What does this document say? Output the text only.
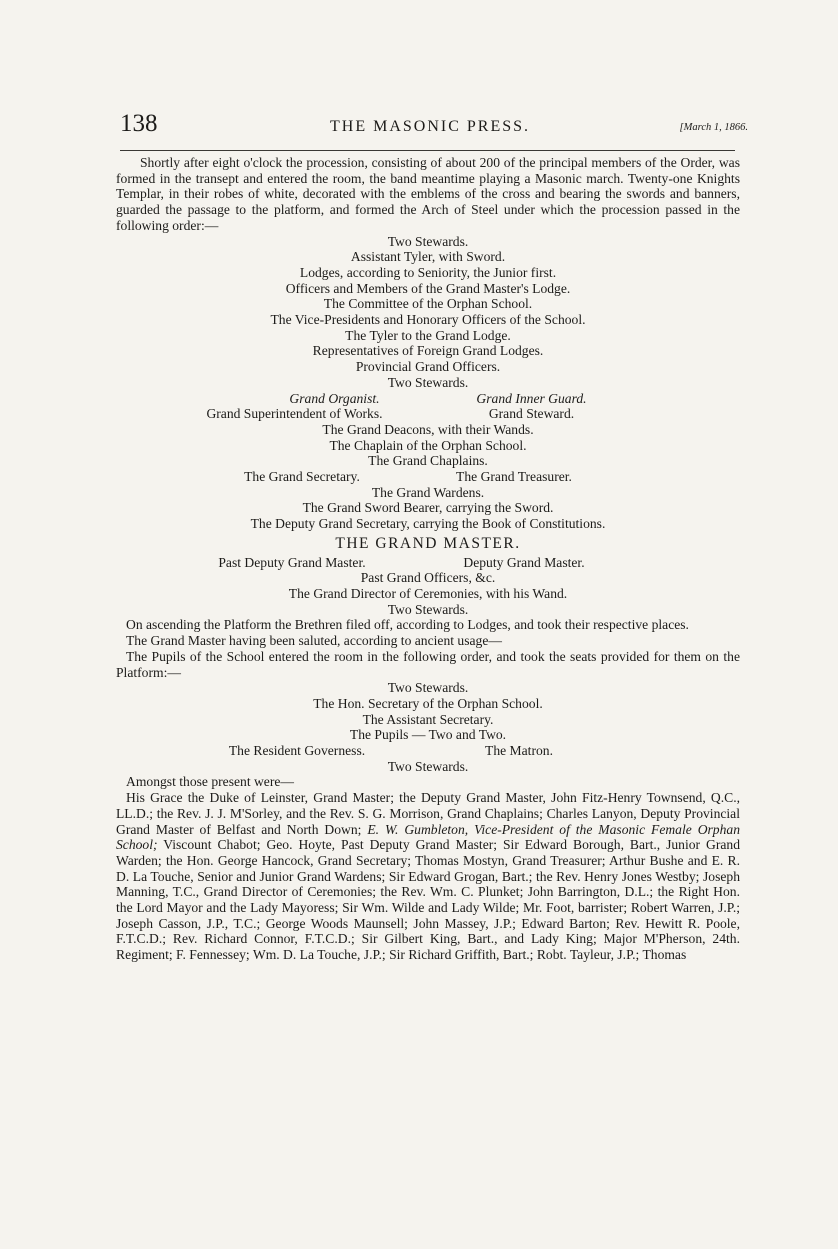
138	THE MASONIC PRESS.	[March 1, 1866.

Shortly after eight o'clock the procession, consisting of about 200 of the principal members of the Order, was formed in the transept and entered the room, the band meantime playing a Masonic march. Twenty-one Knights Templar, in their robes of white, decorated with the emblems of the cross and bearing the swords and banners, guarded the passage to the platform, and formed the Arch of Steel under which the procession passed in the following order:—

Two Stewards.

Assistant Tyler, with Sword.

Lodges, according to Seniority, the Junior first.

Officers and Members of the Grand Master's Lodge.

The Committee of the Orphan School.

The Vice-Presidents and Honorary Officers of the School.

The Tyler to the Grand Lodge.

Representatives of Foreign Grand Lodges.

Provincial Grand Officers.

Two Stewards.

Grand Organist.	Grand Inner Guard.

Grand Superintendent of Works.	Grand Steward.

The Grand Deacons, with their Wands.

The Chaplain of the Orphan School.

The Grand Chaplains.

The Grand Secretary.	The Grand Treasurer.

The Grand Wardens.

The Grand Sword Bearer, carrying the Sword.

The Deputy Grand Secretary, carrying the Book of Constitutions.

THE GRAND MASTER.

Past Deputy Grand Master.	Deputy Grand Master.

Past Grand Officers, &c.

The Grand Director of Ceremonies, with his Wand.

Two Stewards.

On ascending the Platform the Brethren filed off, according to Lodges, and took their respective places.

The Grand Master having been saluted, according to ancient usage—

The Pupils of the School entered the room in the following order, and took the seats provided for them on the Platform:—

Two Stewards.

The Hon. Secretary of the Orphan School.

The Assistant Secretary.

The Pupils — Two and Two.

The Resident Governess.	The Matron.

Two Stewards.

Amongst those present were—

His Grace the Duke of Leinster, Grand Master; the Deputy Grand Master, John Fitz-Henry Townsend, Q.C., LL.D.; the Rev. J. J. M'Sorley, and the Rev. S. G. Morrison, Grand Chaplains; Charles Lanyon, Deputy Provincial Grand Master of Belfast and North Down; E. W. Gumbleton, Vice-President of the Masonic Female Orphan School; Viscount Chabot; Geo. Hoyte, Past Deputy Grand Master; Sir Edward Borough, Bart., Junior Grand Warden; the Hon. George Hancock, Grand Secretary; Thomas Mostyn, Grand Treasurer; Arthur Bushe and E. R. D. La Touche, Senior and Junior Grand Wardens; Sir Edward Grogan, Bart.; the Rev. Henry Jones Westby; Joseph Manning, T.C., Grand Director of Ceremonies; the Rev. Wm. C. Plunket; John Barrington, D.L.; the Right Hon. the Lord Mayor and the Lady Mayoress; Sir Wm. Wilde and Lady Wilde; Mr. Foot, barrister; Robert Warren, J.P.; Joseph Casson, J.P., T.C.; George Woods Maunsell; John Massey, J.P.; Edward Barton; Rev. Hewitt R. Poole, F.T.C.D.; Rev. Richard Connor, F.T.C.D.; Sir Gilbert King, Bart., and Lady King; Major M'Pherson, 24th. Regiment; F. Fennessey; Wm. D. La Touche, J.P.; Sir Richard Griffith, Bart.; Robt. Tayleur, J.P.; Thomas
